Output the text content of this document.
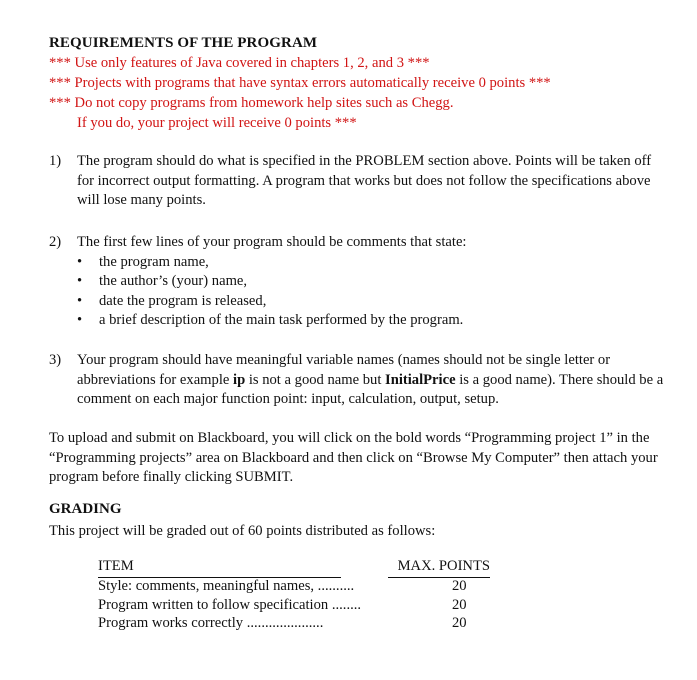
REQUIREMENTS OF THE PROGRAM
*** Use only features of Java covered in chapters 1, 2, and 3 ***
*** Projects with programs that have syntax errors automatically receive 0 points ***
*** Do not copy programs from homework help sites such as Chegg.
If you do, your project will receive 0 points ***
1) The program should do what is specified in the PROBLEM section above. Points will be taken off for incorrect output formatting. A program that works but does not follow the specifications above will lose many points.
2) The first few lines of your program should be comments that state:
• the program name,
• the author’s (your) name,
• date the program is released,
• a brief description of the main task performed by the program.
3) Your program should have meaningful variable names (names should not be single letter or abbreviations for example ip is not a good name but InitialPrice is a good name). There should be a comment on each major function point: input, calculation, output, setup.
To upload and submit on Blackboard, you will click on the bold words “Programming project 1” in the “Programming projects” area on Blackboard and then click on “Browse My Computer” then attach your program before finally clicking SUBMIT.
GRADING
This project will be graded out of 60 points distributed as follows:
ITEM	MAX. POINTS
Style: comments, meaningful names, ..........	20
Program written to follow specification ........	20
Program works correctly .....................	20
